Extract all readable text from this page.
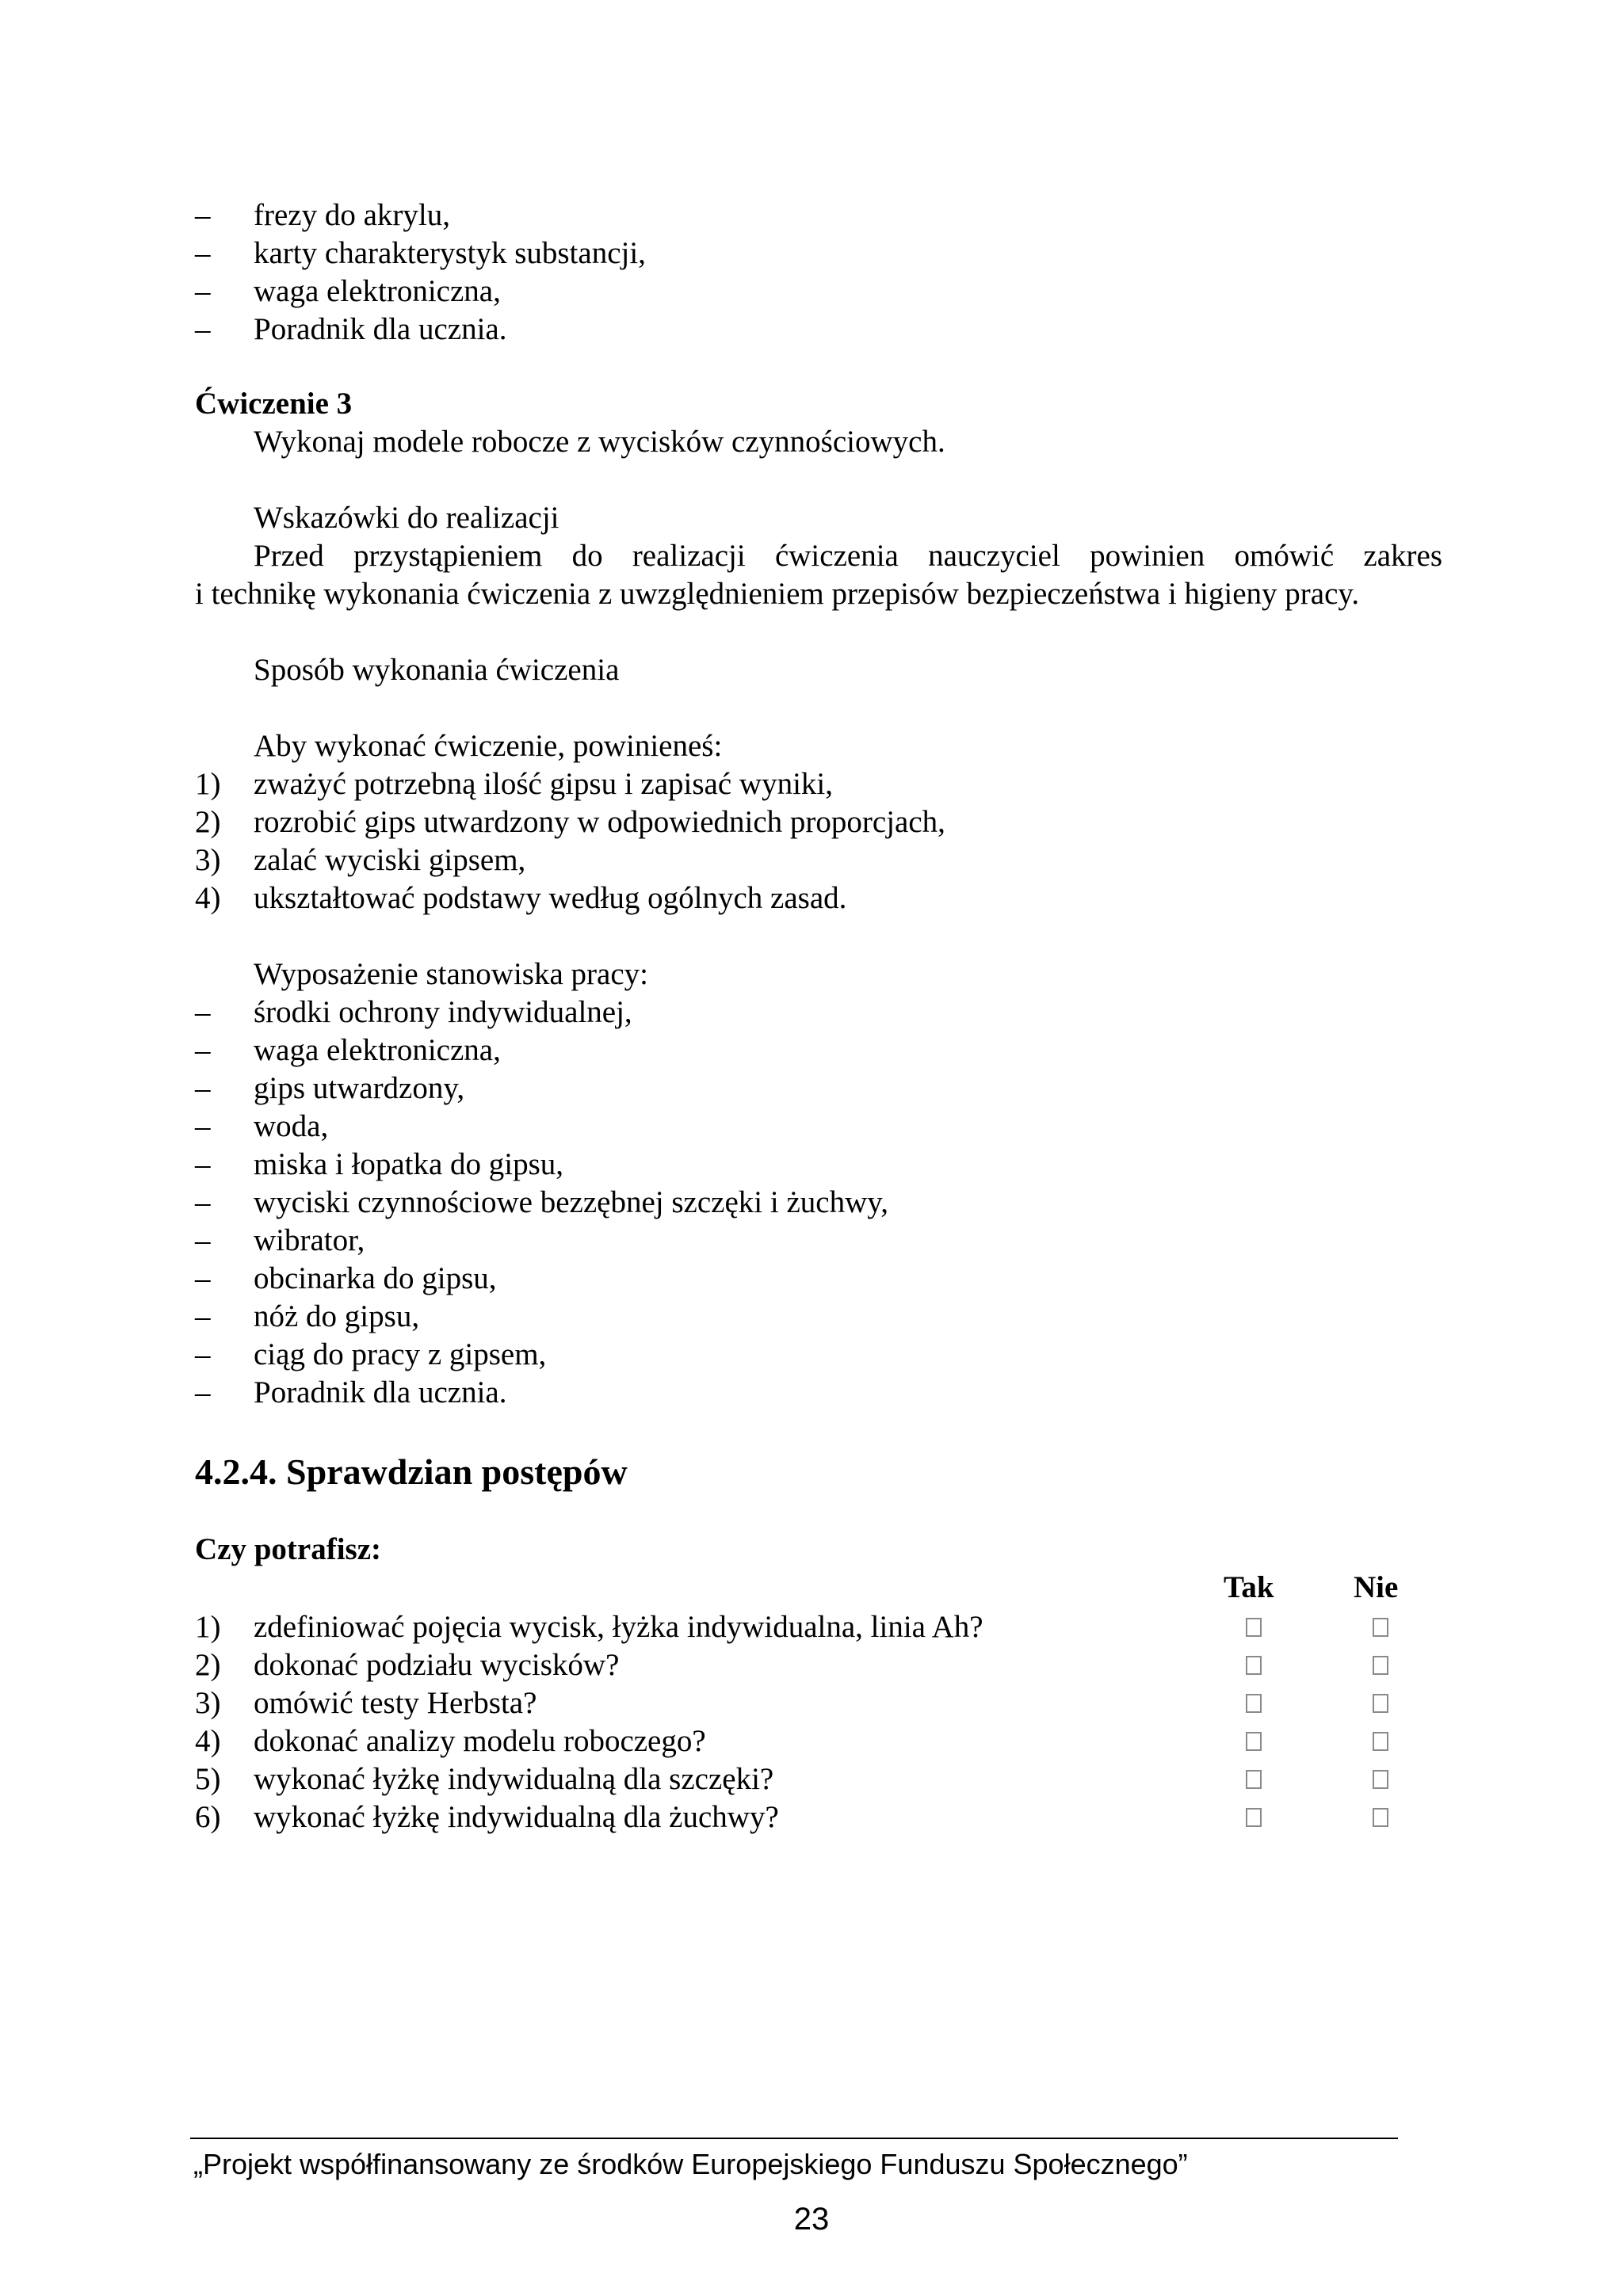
– frezy do akrylu,
– karty charakterystyk substancji,
– waga elektroniczna,
– Poradnik dla ucznia.
Ćwiczenie 3
Wykonaj modele robocze z wycisków czynnościowych.
Wskazówki do realizacji
Przed przystąpieniem do realizacji ćwiczenia nauczyciel powinien omówić zakres
i technikę wykonania ćwiczenia z uwzględnieniem przepisów bezpieczeństwa i higieny pracy.
Sposób wykonania ćwiczenia
Aby wykonać ćwiczenie, powinieneś:
1) zważyć potrzebną ilość gipsu i zapisać wyniki,
2) rozrobić gips utwardzony w odpowiednich proporcjach,
3) zalać wyciski gipsem,
4) ukształtować podstawy według ogólnych zasad.
Wyposażenie stanowiska pracy:
– środki ochrony indywidualnej,
– waga elektroniczna,
– gips utwardzony,
– woda,
– miska i łopatka do gipsu,
– wyciski czynnościowe bezzębnej szczęki i żuchwy,
– wibrator,
– obcinarka do gipsu,
– nóż do gipsu,
– ciąg do pracy z gipsem,
– Poradnik dla ucznia.
4.2.4. Sprawdzian postępów
Czy potrafisz:
Tak	Nie
1) zdefiniować pojęcia wycisk, łyżka indywidualna, linia Ah?
2) dokonać podziału wycisków?
3) omówić testy Herbsta?
4) dokonać analizy modelu roboczego?
5) wykonać łyżkę indywidualną dla szczęki?
6) wykonać łyżkę indywidualną dla żuchwy?
„Projekt współfinansowany ze środków Europejskiego Funduszu Społecznego”
23
